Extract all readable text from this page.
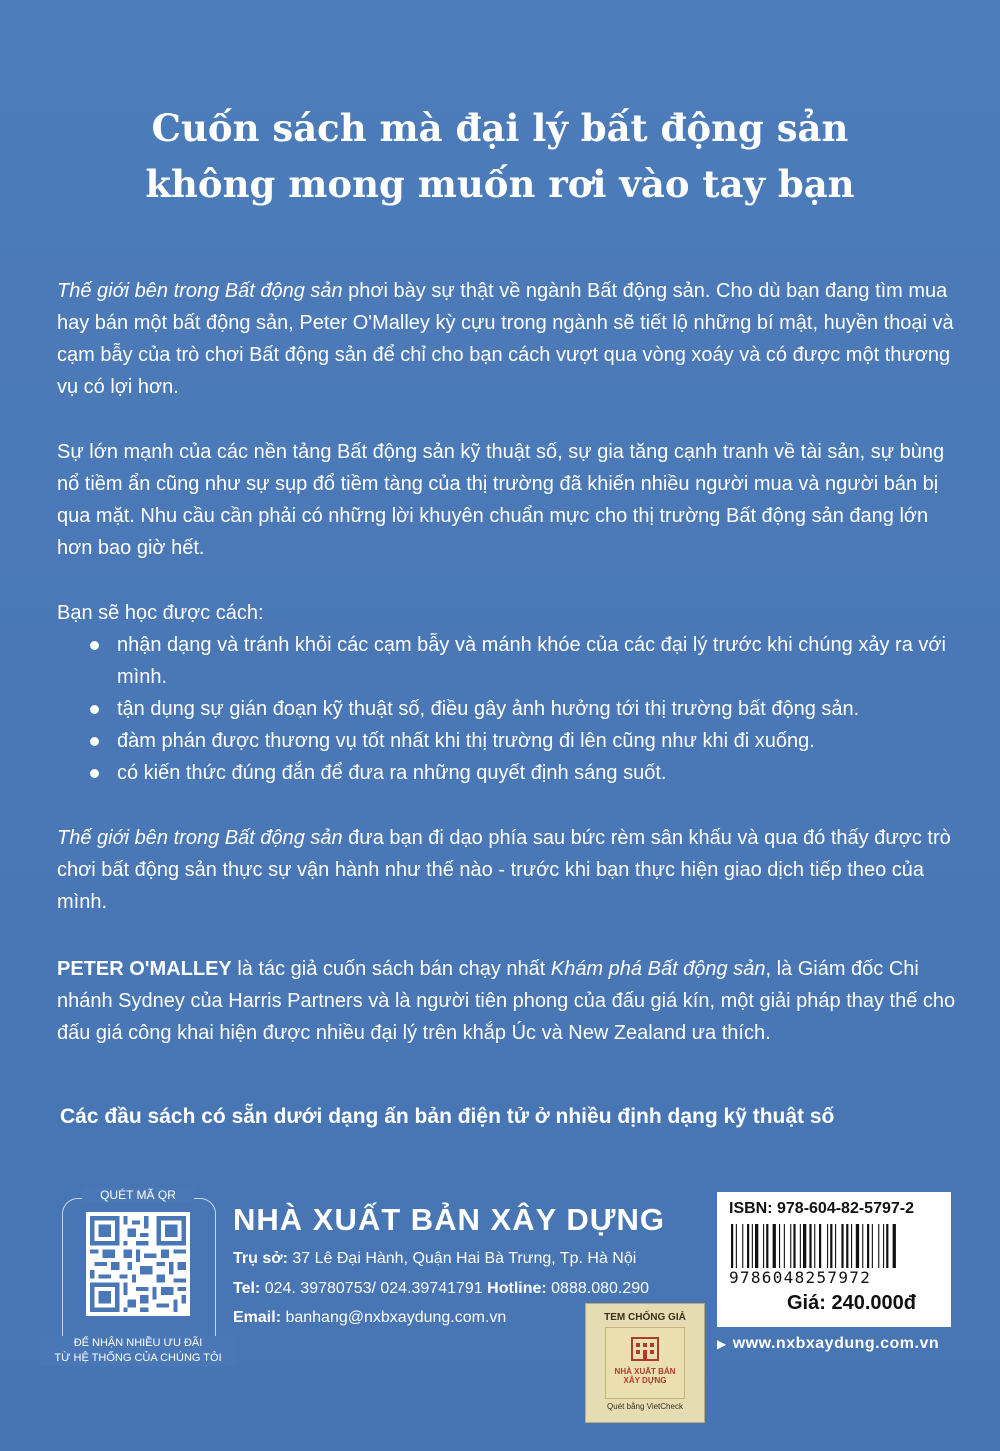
Cuốn sách mà đại lý bất động sản
không mong muốn rơi vào tay bạn

Thế giới bên trong Bất động sản phơi bày sự thật về ngành Bất động sản. Cho dù bạn đang tìm mua hay bán một bất động sản, Peter O'Malley kỳ cựu trong ngành sẽ tiết lộ những bí mật, huyền thoại và cạm bẫy của trò chơi Bất động sản để chỉ cho bạn cách vượt qua vòng xoáy và có được một thương vụ có lợi hơn.

Sự lớn mạnh của các nền tảng Bất động sản kỹ thuật số, sự gia tăng cạnh tranh về tài sản, sự bùng nổ tiềm ẩn cũng như sự sụp đổ tiềm tàng của thị trường đã khiến nhiều người mua và người bán bị qua mặt. Nhu cầu cần phải có những lời khuyên chuẩn mực cho thị trường Bất động sản đang lớn hơn bao giờ hết.

Bạn sẽ học được cách:

nhận dạng và tránh khỏi các cạm bẫy và mánh khóe của các đại lý trước khi chúng xảy ra với mình.
tận dụng sự gián đoạn kỹ thuật số, điều gây ảnh hưởng tới thị trường bất động sản.
đàm phán được thương vụ tốt nhất khi thị trường đi lên cũng như khi đi xuống.
có kiến thức đúng đắn để đưa ra những quyết định sáng suốt.

Thế giới bên trong Bất động sản đưa bạn đi dạo phía sau bức rèm sân khấu và qua đó thấy được trò chơi bất động sản thực sự vận hành như thế nào - trước khi bạn thực hiện giao dịch tiếp theo của mình.

PETER O'MALLEY là tác giả cuốn sách bán chạy nhất Khám phá Bất động sản, là Giám đốc Chi nhánh Sydney của Harris Partners và là người tiên phong của đấu giá kín, một giải pháp thay thế cho đấu giá công khai hiện được nhiều đại lý trên khắp Úc và New Zealand ưa thích.

Các đầu sách có sẵn dưới dạng ấn bản điện tử ở nhiều định dạng kỹ thuật số
QUÉT MÃ QR
ĐỂ NHẬN NHIỀU ƯU ĐÃI
TỪ HỆ THỐNG CỦA CHÚNG TÔI
NHÀ XUẤT BẢN XÂY DỰNG
Trụ sở: 37 Lê Đại Hành, Quận Hai Bà Trưng, Tp. Hà Nội
Tel: 024. 39780753/ 024.39741791 Hotline: 0888.080.290
Email: banhang@nxbxaydung.com.vn	TEM CHỐNG GIẢ
NHÀ XUẤT BẢN
XÂY DỰNG
Quét bằng VietCheck
ISBN: 978-604-82-5797-2
9786048257972
Giá: 240.000đ
▶ www.nxbxaydung.com.vn
